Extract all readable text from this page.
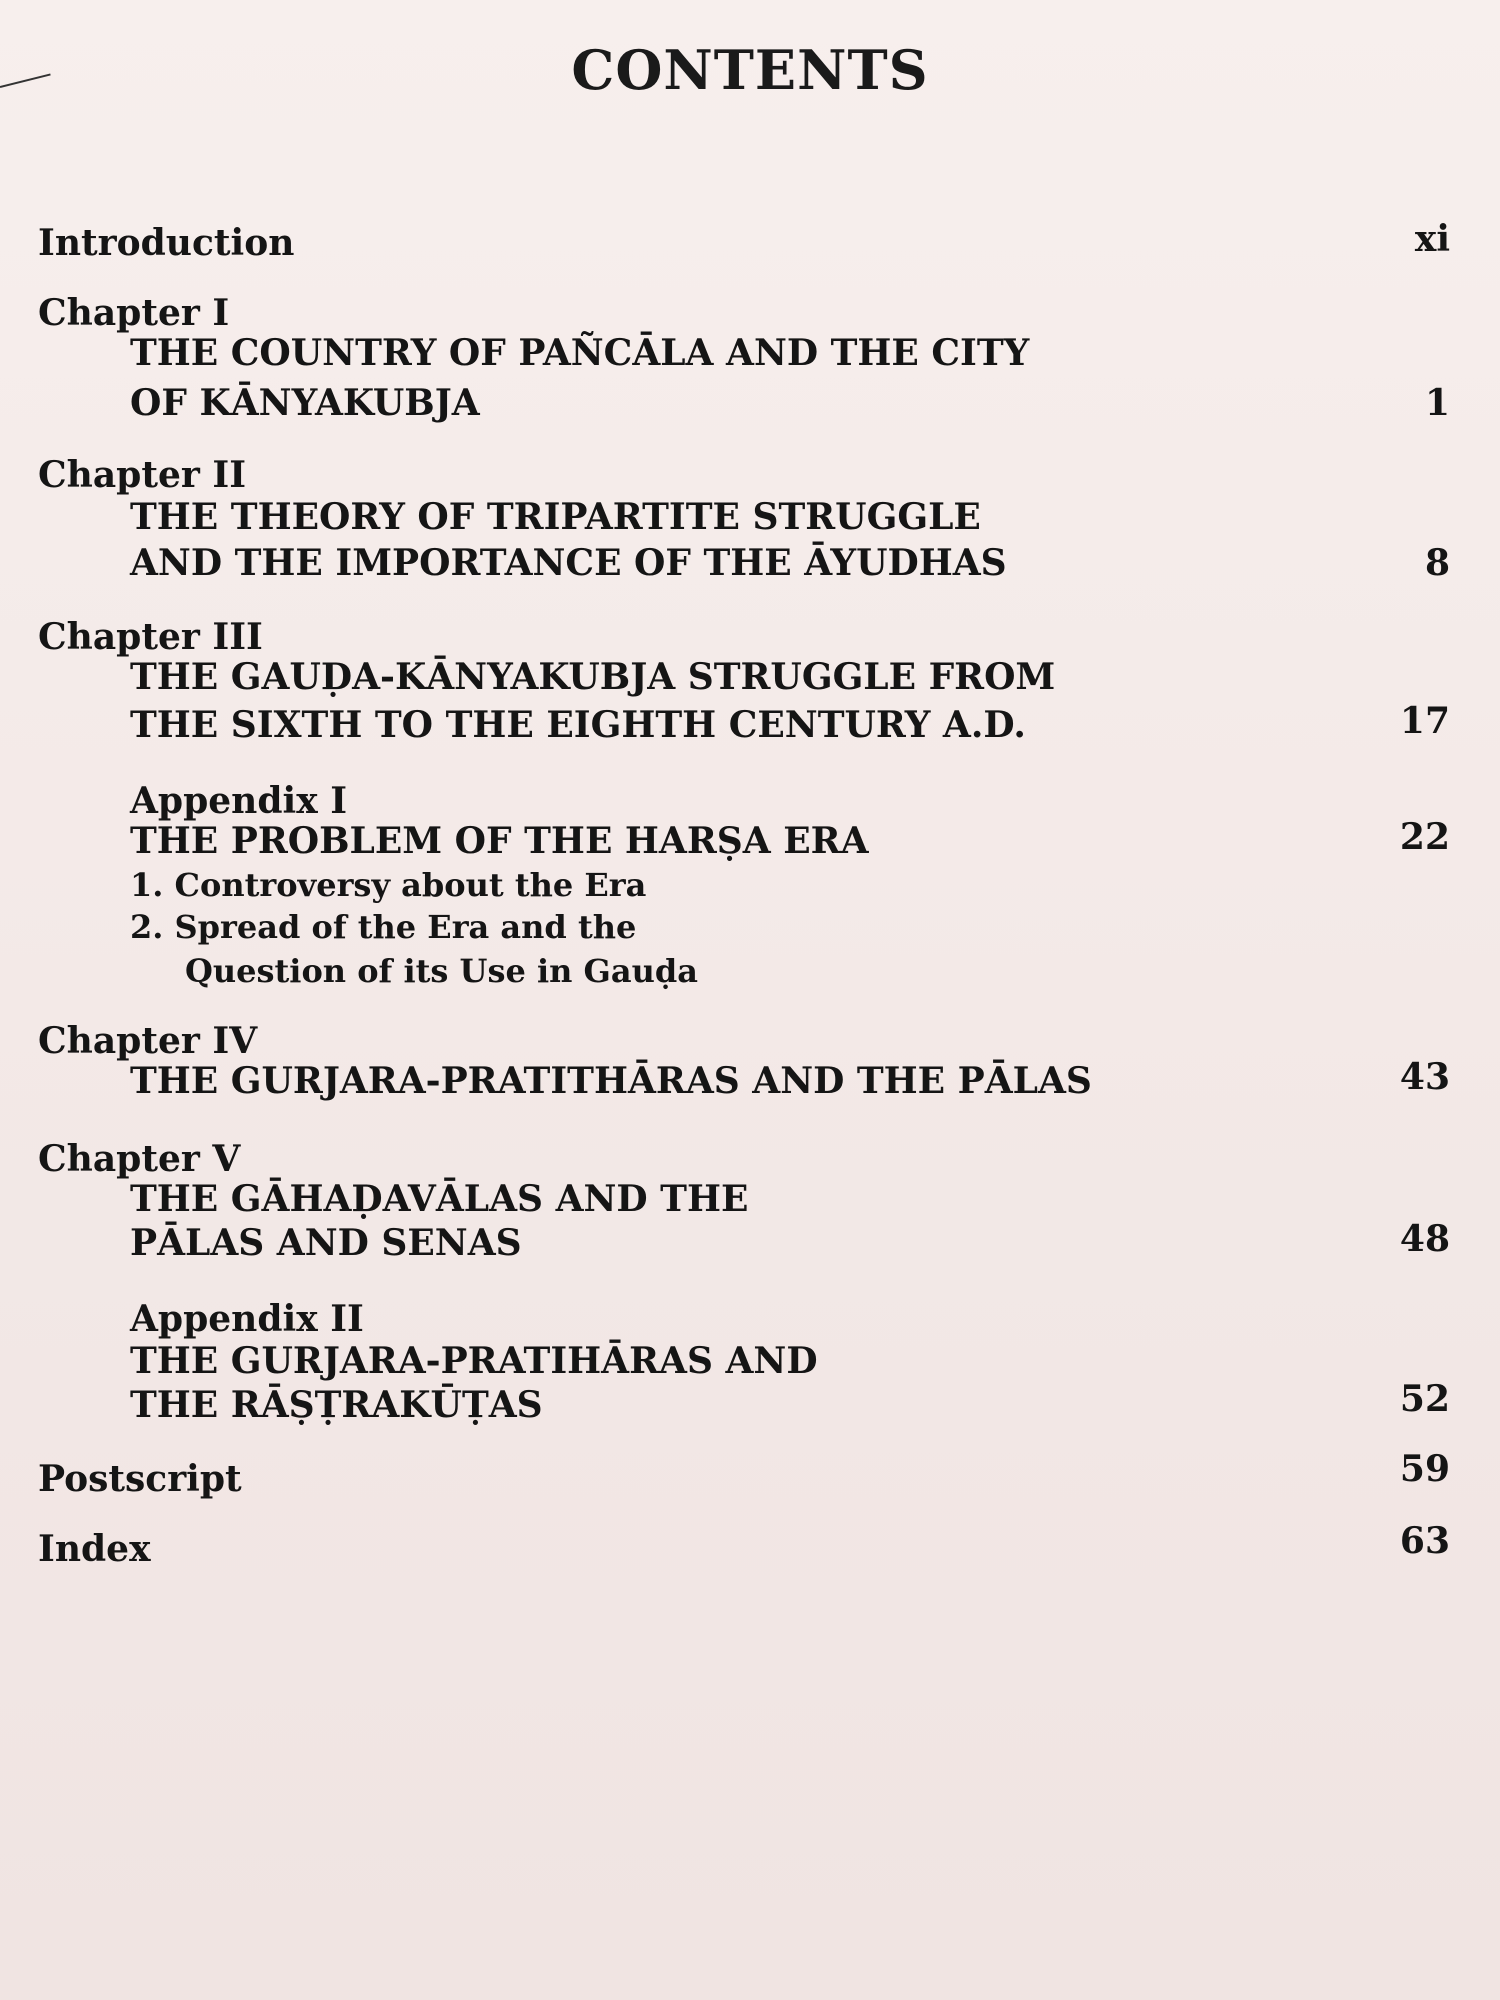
CONTENTS
Introduction	xi
Chapter I
THE COUNTRY OF PAÑCĀLA AND THE CITY
OF KĀNYAKUBJA	1
Chapter II
THE THEORY OF TRIPARTITE STRUGGLE
AND THE IMPORTANCE OF THE ĀYUDHAS	8
Chapter III
THE GAUḌA-KĀNYAKUBJA STRUGGLE FROM
THE SIXTH TO THE EIGHTH CENTURY A.D.	17
Appendix I
THE PROBLEM OF THE HARṢA ERA	22
1. Controversy about the Era
2. Spread of the Era and the
Question of its Use in Gauḍa
Chapter IV
THE GURJARA-PRATITHĀRAS AND THE PĀLAS	43
Chapter V
THE GĀHAḌAVĀLAS AND THE
PĀLAS AND SENAS	48
Appendix II
THE GURJARA-PRATIHĀRAS AND
THE RĀṢṬRAKŪṬAS	52
Postscript	59
Index	63
